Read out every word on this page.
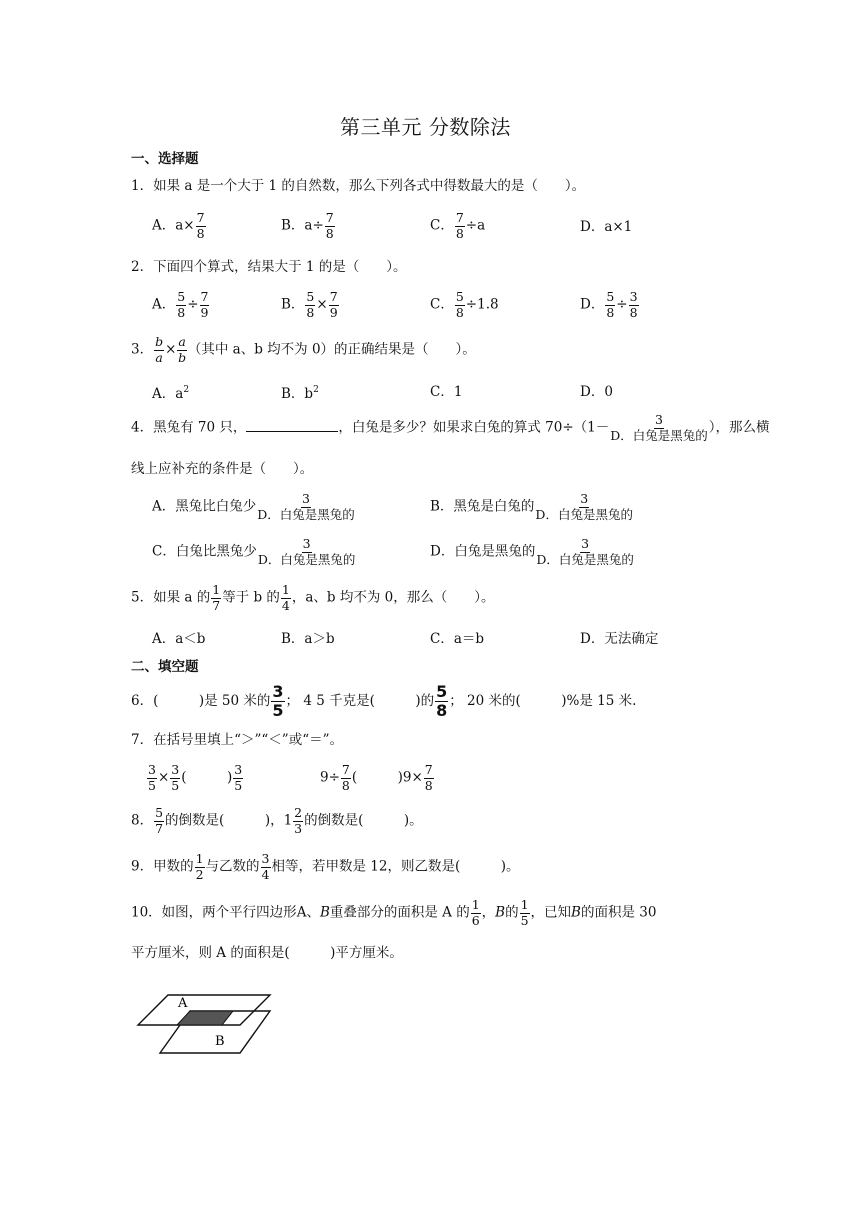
第三单元 分数除法
一、选择题
1．如果 a 是一个大于 1 的自然数，那么下列各式中得数最大的是（　　）。
A．$a\times \frac{7}{8}$	B．$a\div \frac{7}{8}$	C． $\frac{7}{8} \div a$	D．a×1
2．下面四个算式，结果大于 1 的是（　　）。
A． $\frac{5}{8} \div \frac{7}{9}$	B． $\frac{5}{8} \times \frac{7}{9}$	C． $\frac{5}{8} \div 1.8$	D． $\frac{5}{8} \div \frac{3}{8}$
3． $\frac{b}{a} \times \frac{a}{b}$ （其中 a、b 均不为 0）的正确结果是（　　）。
A．$a^2$	B．$b^2$	C．1	D．0
4．黑兔有 70 只，	，白兔是多少？如果求白兔的算式 $70\div(1- \frac{3}{\text{D．白兔是黑兔的}}$ ），那么横
线上应补充的条件是（　　）。
A．黑兔比白兔少 $\frac{3}{\text{D．白兔是黑兔的}}$	B．黑兔是白兔的 $\frac{3}{\text{D．白兔是黑兔的}}$
C．白兔比黑兔少 $\frac{3}{\text{D．白兔是黑兔的}}$	D．白兔是黑兔的 $\frac{3}{\text{D．白兔是黑兔的}}$
5．如果 a 的 $\frac{1}{7}$ 等于 b 的 $\frac{1}{4}$ ，a、b 均不为 0，那么（　　）。
A．a＜b	B．a＞b	C．a＝b	D．无法确定
二、填空题
6．(　　　)是 50 米的 $\frac{3}{5}$ ； 4 5 千克是(　　　)的 $\frac{5}{8}$ ； 20 米的(　　　)%是 15 米.
7．在括号里填上“＞”“＜”或“＝”。
$\frac{3}{5} \times \frac{3}{5}$ (　　　) $\frac{3}{5}$	$9\div \frac{7}{8}$ (　　　)$9\times \frac{7}{8}$
8． $\frac{5}{7}$ 的倒数是(　　　)，$1 \frac{2}{3}$ 的倒数是(　　　)。
9．甲数的 $\frac{1}{2}$ 与乙数的 $\frac{3}{4}$ 相等，若甲数是 12，则乙数是(　　　)。
10．如图，两个平行四边形A、B重叠部分的面积是 A 的 $\frac{1}{6}$ ，B的 $\frac{1}{5}$ ，已知B的面积是 30
平方厘米，则 A 的面积是(　　　)平方厘米。
A
B
